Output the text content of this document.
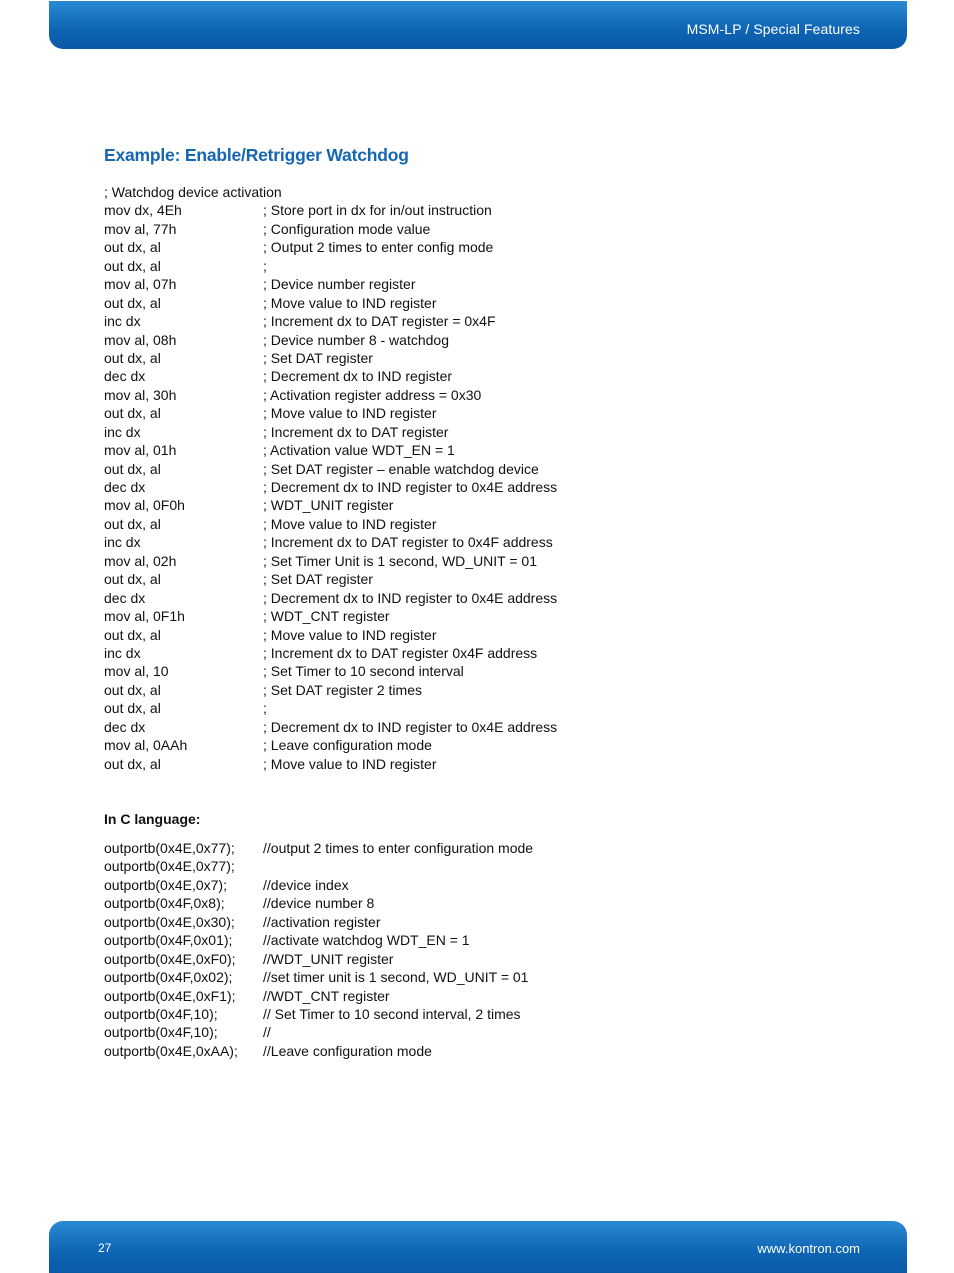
MSM-LP / Special Features
Example: Enable/Retrigger Watchdog
; Watchdog device activation
mov dx, 4Eh	; Store port in dx for in/out instruction
mov al, 77h	; Configuration mode value
out dx, al	; Output 2 times to enter config mode
out dx, al	;
mov al, 07h	; Device number register
out dx, al	; Move value to IND register
inc dx	; Increment dx to DAT register = 0x4F
mov al, 08h	; Device number 8 - watchdog
out dx, al	; Set DAT register
dec dx	; Decrement dx to IND register
mov al, 30h	; Activation register address = 0x30
out dx, al	; Move value to IND register
inc dx	; Increment dx to DAT register
mov al, 01h	; Activation value WDT_EN = 1
out dx, al	; Set DAT register – enable watchdog device
dec dx	; Decrement dx to IND register to 0x4E address
mov al, 0F0h	; WDT_UNIT register
out dx, al	; Move value to IND register
inc dx	; Increment dx to DAT register to 0x4F address
mov al, 02h	; Set Timer Unit is 1 second, WD_UNIT = 01
out dx, al	; Set DAT register
dec dx	; Decrement dx to IND register to 0x4E address
mov al, 0F1h	; WDT_CNT register
out dx, al	; Move value to IND register
inc dx	; Increment dx to DAT register 0x4F address
mov al, 10	; Set Timer to 10 second interval
out dx, al	; Set DAT register 2 times
out dx, al	;
dec dx	; Decrement dx to IND register to 0x4E address
mov al, 0AAh	; Leave configuration mode
out dx, al	; Move value to IND register
In C language:
outportb(0x4E,0x77); //output 2 times to enter configuration mode
outportb(0x4E,0x77);
outportb(0x4E,0x7);	//device index
outportb(0x4F,0x8);	//device number 8
outportb(0x4E,0x30); //activation register
outportb(0x4F,0x01); //activate watchdog WDT_EN = 1
outportb(0x4E,0xF0); //WDT_UNIT register
outportb(0x4F,0x02); //set timer unit is 1 second, WD_UNIT = 01
outportb(0x4E,0xF1); //WDT_CNT register
outportb(0x4F,10);	// Set Timer to 10 second interval, 2 times
outportb(0x4F,10);	//
outportb(0x4E,0xAA); //Leave configuration mode
27	www.kontron.com
